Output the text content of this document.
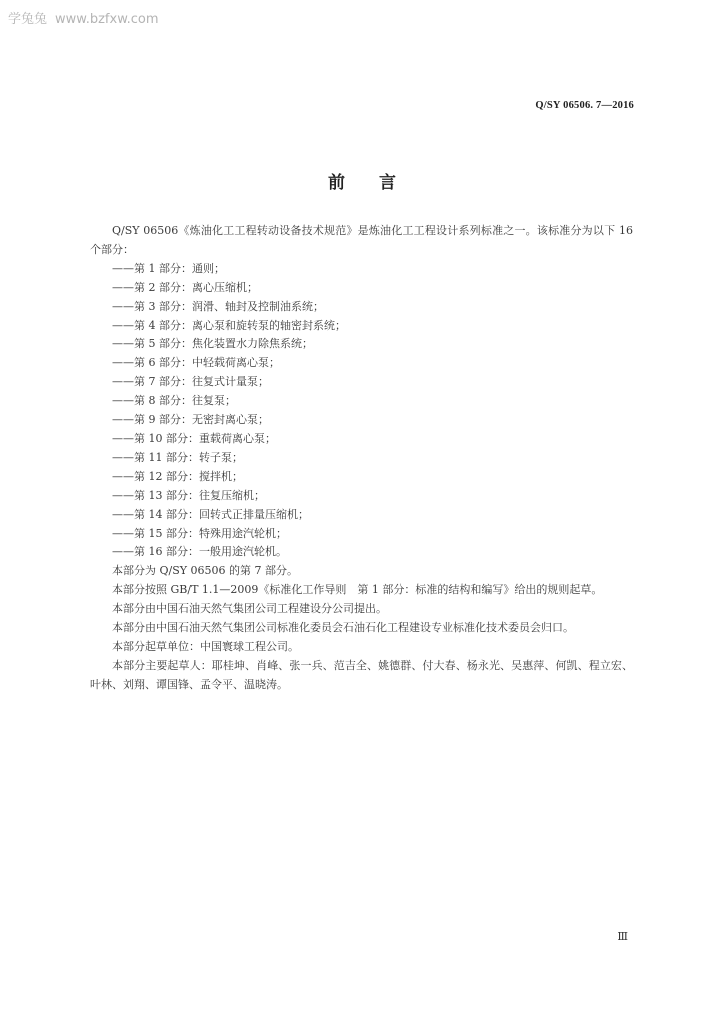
学兔兔 www.bzfxw.com
Q/SY 06506. 7—2016
前言

Q/SY 06506《炼油化工工程转动设备技术规范》是炼油化工工程设计系列标准之一。该标准分为以下 16 个部分：

——第 1 部分：通则；
——第 2 部分：离心压缩机；
——第 3 部分：润滑、轴封及控制油系统；
——第 4 部分：离心泵和旋转泵的轴密封系统；
——第 5 部分：焦化装置水力除焦系统；
——第 6 部分：中轻载荷离心泵；
——第 7 部分：往复式计量泵；
——第 8 部分：往复泵；
——第 9 部分：无密封离心泵；
——第 10 部分：重载荷离心泵；
——第 11 部分：转子泵；
——第 12 部分：搅拌机；
——第 13 部分：往复压缩机；
——第 14 部分：回转式正排量压缩机；
——第 15 部分：特殊用途汽轮机；
——第 16 部分：一般用途汽轮机。

本部分为 Q/SY 06506 的第 7 部分。

本部分按照 GB/T 1.1—2009《标准化工作导则　第 1 部分：标准的结构和编写》给出的规则起草。

本部分由中国石油天然气集团公司工程建设分公司提出。

本部分由中国石油天然气集团公司标准化委员会石油石化工程建设专业标准化技术委员会归口。

本部分起草单位：中国寰球工程公司。

本部分主要起草人：耶桂坤、肖峰、张一兵、范吉全、姚德群、付大春、杨永光、吴惠萍、何凯、程立宏、叶林、刘翔、谭国锋、孟令平、温晓涛。

Ⅲ
